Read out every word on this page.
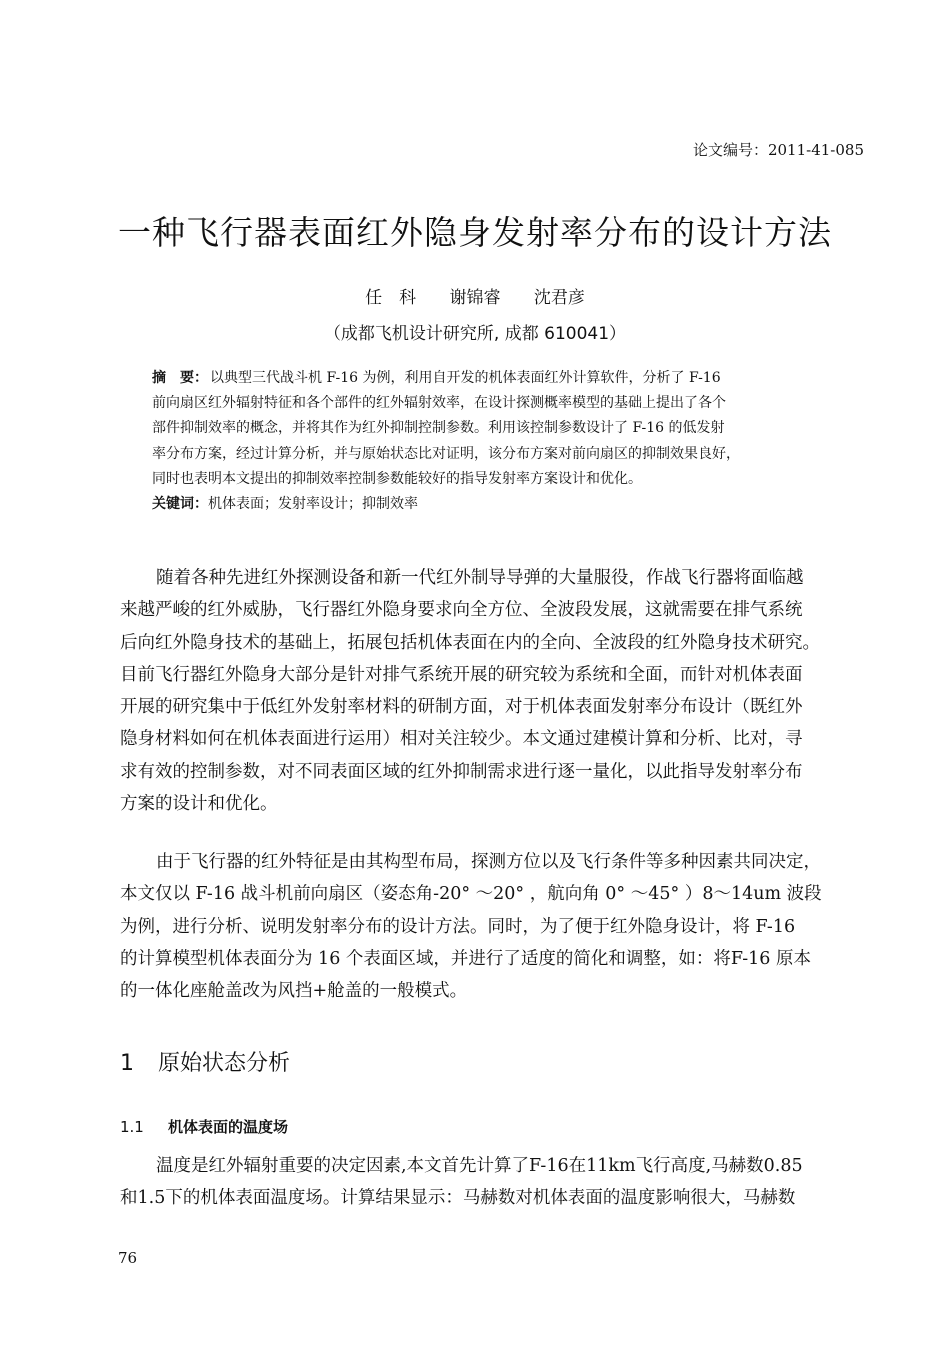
论文编号：2011-41-085
一种飞行器表面红外隐身发射率分布的设计方法
任　科 谢锦睿 沈君彦
（成都飞机设计研究所, 成都 610041）
摘　要： 以典型三代战斗机 F-16 为例，利用自开发的机体表面红外计算软件，分析了 F-16
前向扇区红外辐射特征和各个部件的红外辐射效率，在设计探测概率模型的基础上提出了各个
部件抑制效率的概念，并将其作为红外抑制控制参数。利用该控制参数设计了 F-16 的低发射
率分布方案，经过计算分析，并与原始状态比对证明，该分布方案对前向扇区的抑制效果良好，
同时也表明本文提出的抑制效率控制参数能较好的指导发射率方案设计和优化。
关键词：机体表面；发射率设计；抑制效率
随着各种先进红外探测设备和新一代红外制导导弹的大量服役，作战飞行器将面临越
来越严峻的红外威胁，飞行器红外隐身要求向全方位、全波段发展，这就需要在排气系统
后向红外隐身技术的基础上，拓展包括机体表面在内的全向、全波段的红外隐身技术研究。
目前飞行器红外隐身大部分是针对排气系统开展的研究较为系统和全面，而针对机体表面
开展的研究集中于低红外发射率材料的研制方面，对于机体表面发射率分布设计（既红外
隐身材料如何在机体表面进行运用）相对关注较少。本文通过建模计算和分析、比对，寻
求有效的控制参数，对不同表面区域的红外抑制需求进行逐一量化，以此指导发射率分布
方案的设计和优化。
由于飞行器的红外特征是由其构型布局，探测方位以及飞行条件等多种因素共同决定，
本文仅以 F-16 战斗机前向扇区（姿态角-20° ～20° ，航向角 0° ～45° ）8～14um 波段
为例，进行分析、说明发射率分布的设计方法。同时，为了便于红外隐身设计，将 F-16
的计算模型机体表面分为 16 个表面区域，并进行了适度的简化和调整，如：将F-16 原本
的一体化座舱盖改为风挡+舱盖的一般模式。
1 原始状态分析
1.1 机体表面的温度场
温度是红外辐射重要的决定因素,本文首先计算了F-16在11km飞行高度,马赫数0.85
和1.5下的机体表面温度场。计算结果显示：马赫数对机体表面的温度影响很大，马赫数
76
